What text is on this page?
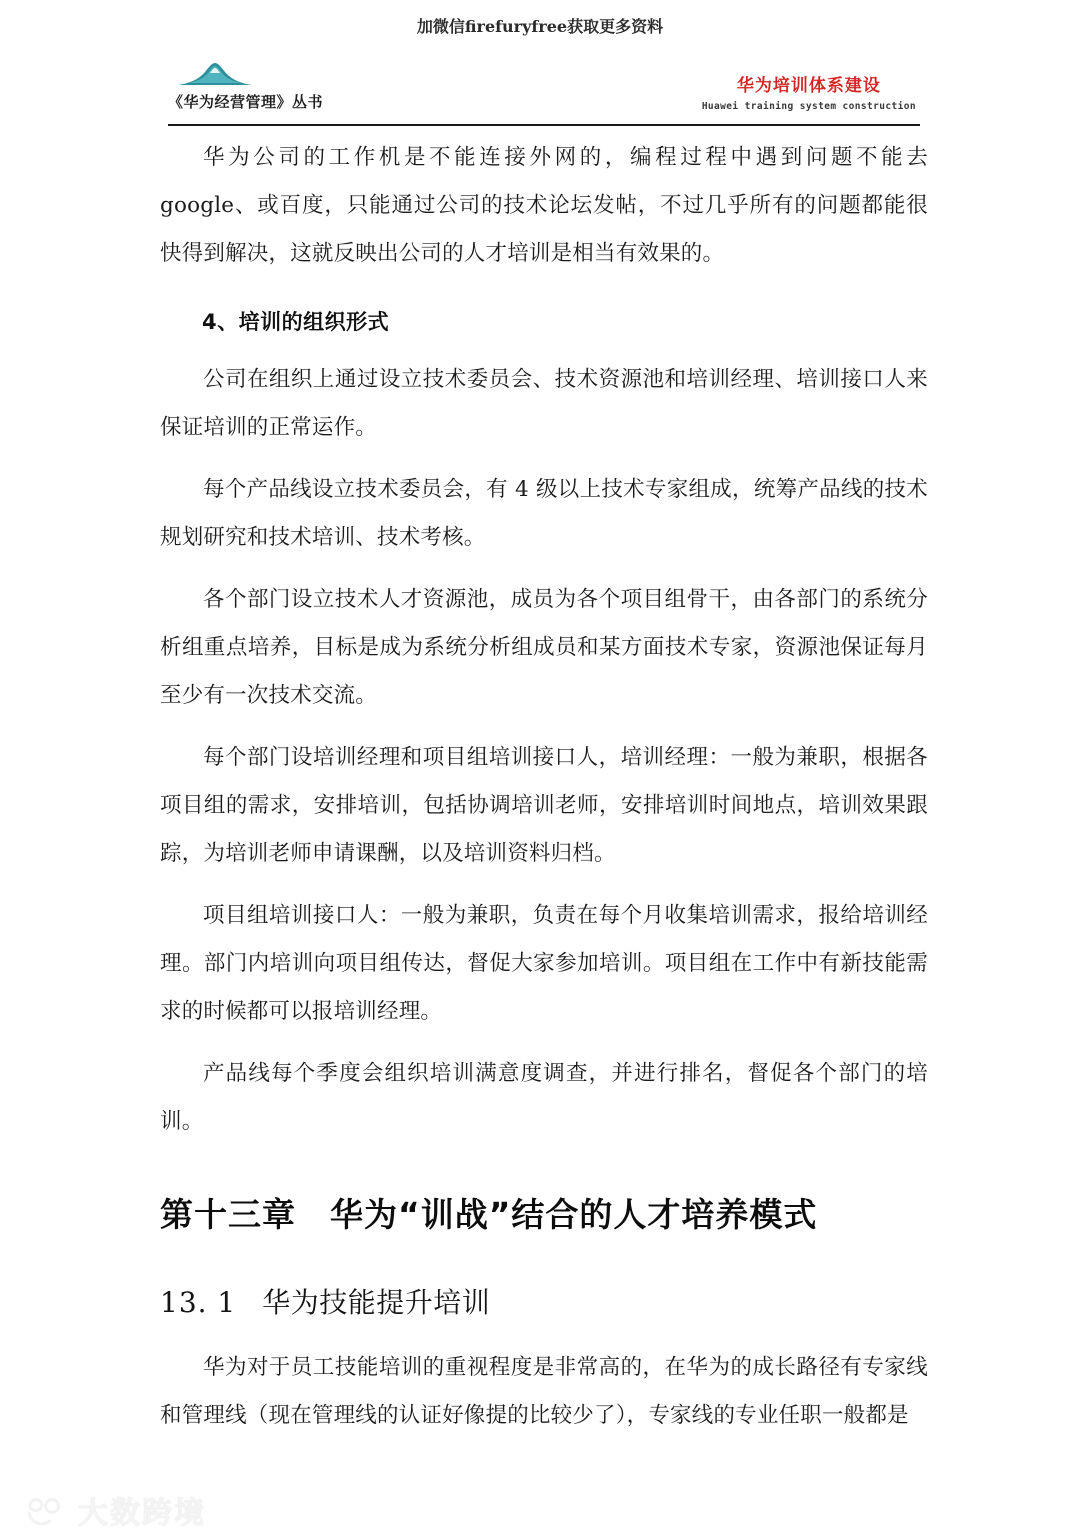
加微信firefuryfree获取更多资料
《华为经营管理》丛书
华为培训体系建设
Huawei training system construction

华为公司的工作机是不能连接外网的，编程过程中遇到问题不能去 google、或百度，只能通过公司的技术论坛发帖，不过几乎所有的问题都能很快得到解决，这就反映出公司的人才培训是相当有效果的。

4、培训的组织形式

公司在组织上通过设立技术委员会、技术资源池和培训经理、培训接口人来保证培训的正常运作。

每个产品线设立技术委员会，有 4 级以上技术专家组成，统筹产品线的技术规划研究和技术培训、技术考核。

各个部门设立技术人才资源池，成员为各个项目组骨干，由各部门的系统分析组重点培养，目标是成为系统分析组成员和某方面技术专家，资源池保证每月至少有一次技术交流。

每个部门设培训经理和项目组培训接口人，培训经理：一般为兼职，根据各项目组的需求，安排培训，包括协调培训老师，安排培训时间地点，培训效果跟踪，为培训老师申请课酬，以及培训资料归档。

项目组培训接口人：一般为兼职，负责在每个月收集培训需求，报给培训经理。部门内培训向项目组传达，督促大家参加培训。项目组在工作中有新技能需求的时候都可以报培训经理。

产品线每个季度会组织培训满意度调查，并进行排名，督促各个部门的培训。

第十三章　华为“训战”结合的人才培养模式
13. 1 华为技能提升培训

华为对于员工技能培训的重视程度是非常高的，在华为的成长路径有专家线和管理线（现在管理线的认证好像提的比较少了），专家线的专业任职一般都是

大数跨境
